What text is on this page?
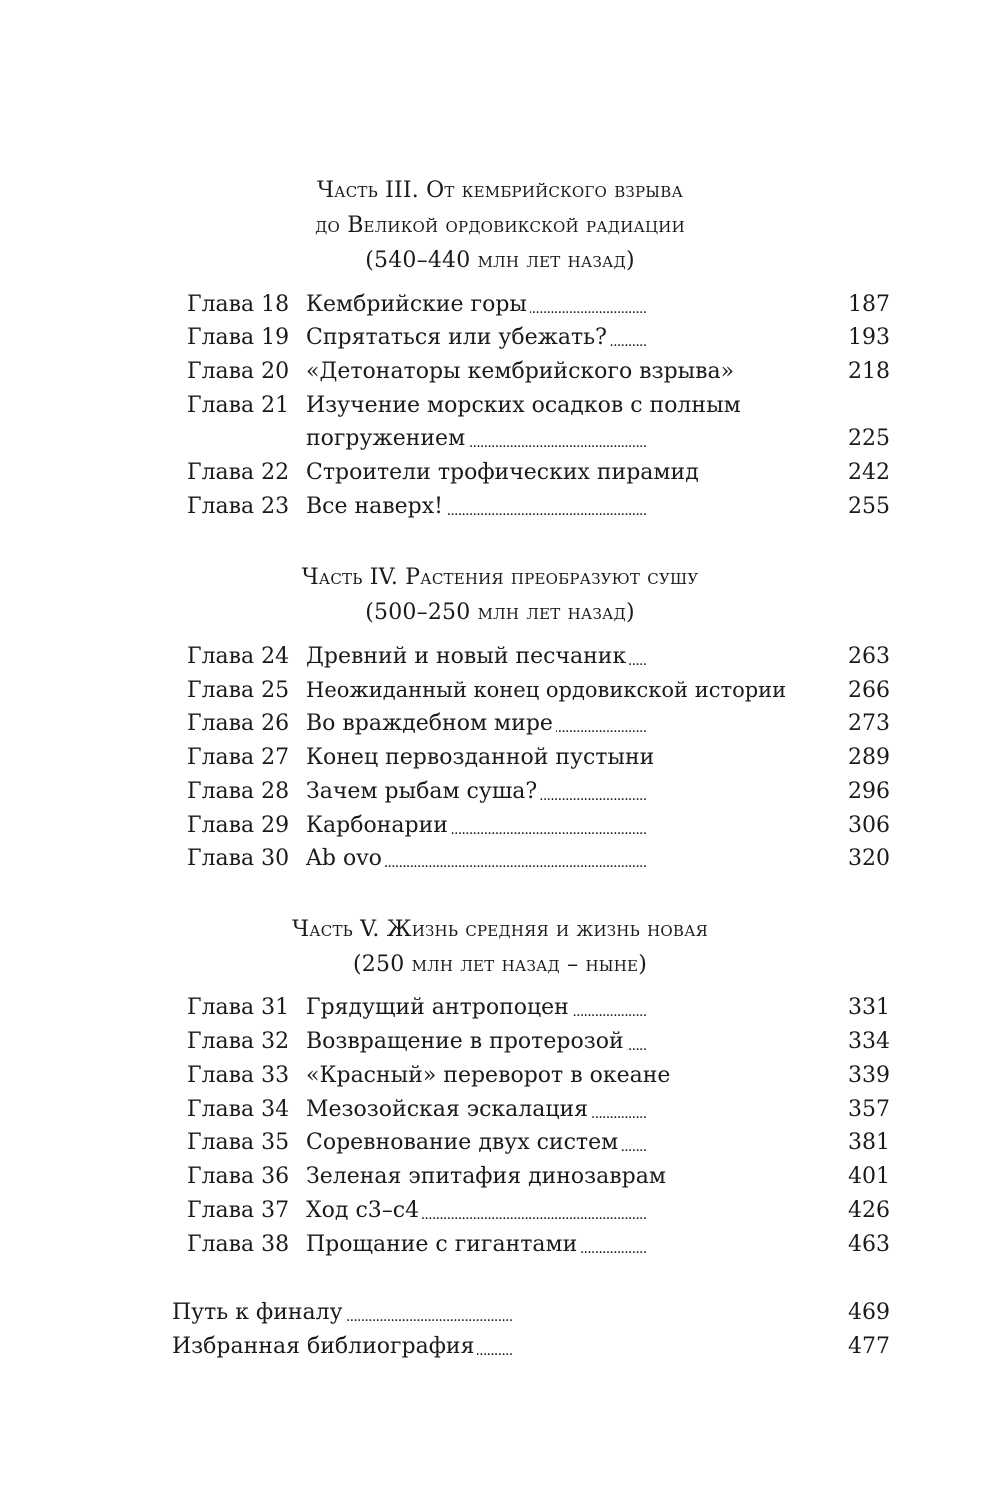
Часть III. От кембрийского взрыва
до Великой ордовикской радиации
(540–440 млн лет назад)
Глава 18 Кембрийские горы . . .	187
Глава 19 Спрятаться или убежать? . . .	193
Глава 20 «Детонаторы кембрийского взрыва» . . .	218
Глава 21 Изучение морских осадков с полным
погружением . . .	225
Глава 22 Строители трофических пирамид . . .	242
Глава 23 Все наверх! . . .	255
Часть IV. Растения преобразуют сушу
(500–250 млн лет назад)
Глава 24 Древний и новый песчаник . . .	263
Глава 25 Неожиданный конец ордовикской истории . . .	266
Глава 26 Во враждебном мире . . .	273
Глава 27 Конец первозданной пустыни . . .	289
Глава 28 Зачем рыбам суша? . . .	296
Глава 29 Карбонарии . . .	306
Глава 30 Ab ovo . . .	320
Часть V. Жизнь средняя и жизнь новая
(250 млн лет назад – ныне)
Глава 31 Грядущий антропоцен . . .	331
Глава 32 Возвращение в протерозой . . .	334
Глава 33 «Красный» переворот в океане . . .	339
Глава 34 Мезозойская эскалация . . .	357
Глава 35 Соревнование двух систем . . .	381
Глава 36 Зеленая эпитафия динозаврам . . .	401
Глава 37 Ход c3–c4 . . .	426
Глава 38 Прощание с гигантами . . .	463
Путь к финалу . . .	469
Избранная библиография . . .	477
